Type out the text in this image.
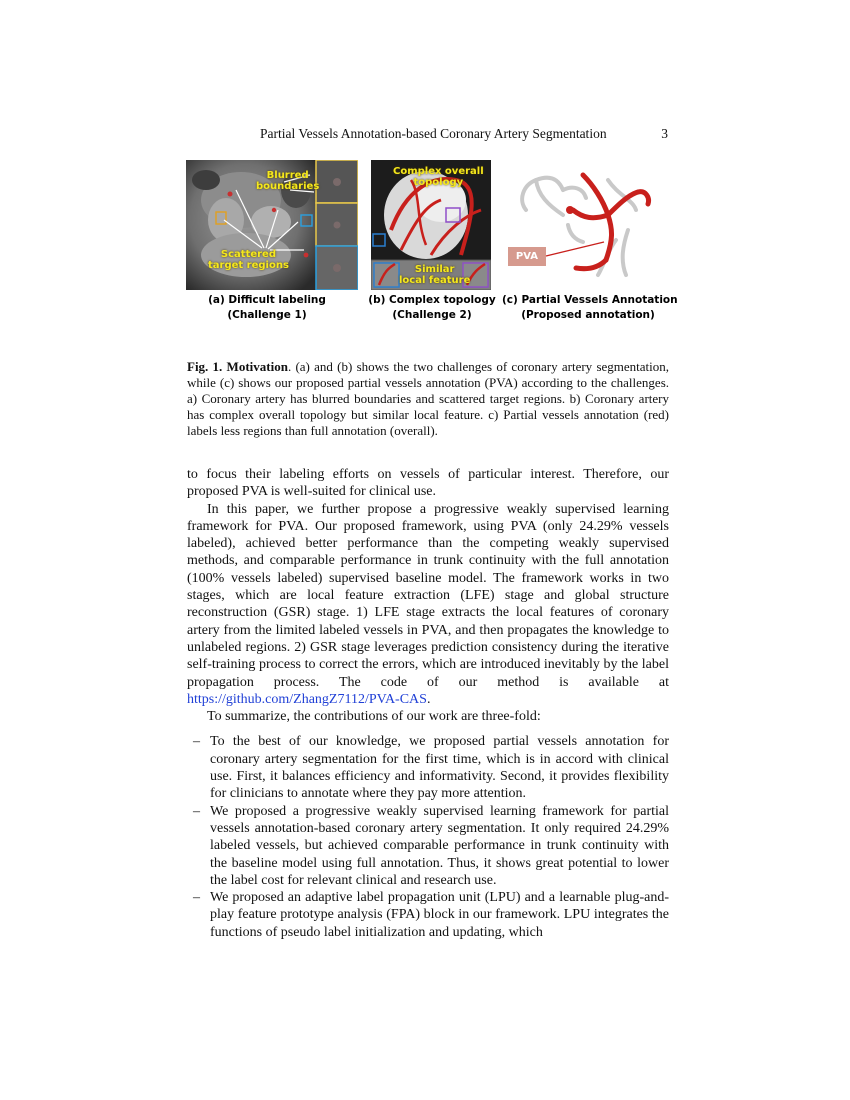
Partial Vessels Annotation-based Coronary Artery Segmentation	3
Blurred
boundaries
Scattered
target regions
(a) Difficult labeling
(Challenge 1)
Complex overall
topology
Similar
local feature
(b) Complex topology
(Challenge 2)
PVA
(c) Partial Vessels Annotation
(Proposed annotation)
Fig. 1. Motivation. (a) and (b) shows the two challenges of coronary artery segmentation, while (c) shows our proposed partial vessels annotation (PVA) according to the challenges. a) Coronary artery has blurred boundaries and scattered target regions. b) Coronary artery has complex overall topology but similar local feature. c) Partial vessels annotation (red) labels less regions than full annotation (overall).

to focus their labeling efforts on vessels of particular interest. Therefore, our proposed PVA is well-suited for clinical use.

In this paper, we further propose a progressive weakly supervised learning framework for PVA. Our proposed framework, using PVA (only 24.29% vessels labeled), achieved better performance than the competing weakly supervised methods, and comparable performance in trunk continuity with the full annotation (100% vessels labeled) supervised baseline model. The framework works in two stages, which are local feature extraction (LFE) stage and global structure reconstruction (GSR) stage. 1) LFE stage extracts the local features of coronary artery from the limited labeled vessels in PVA, and then propagates the knowledge to unlabeled regions. 2) GSR stage leverages prediction consistency during the iterative self-training process to correct the errors, which are introduced inevitably by the label propagation process. The code of our method is available at https://github.com/ZhangZ7112/PVA-CAS.

To summarize, the contributions of our work are three-fold:

– To the best of our knowledge, we proposed partial vessels annotation for coronary artery segmentation for the first time, which is in accord with clinical use. First, it balances efficiency and informativity. Second, it provides flexibility for clinicians to annotate where they pay more attention.
– We proposed a progressive weakly supervised learning framework for partial vessels annotation-based coronary artery segmentation. It only required 24.29% labeled vessels, but achieved comparable performance in trunk continuity with the baseline model using full annotation. Thus, it shows great potential to lower the label cost for relevant clinical and research use.
– We proposed an adaptive label propagation unit (LPU) and a learnable plug-and-play feature prototype analysis (FPA) block in our framework. LPU integrates the functions of pseudo label initialization and updating, which
